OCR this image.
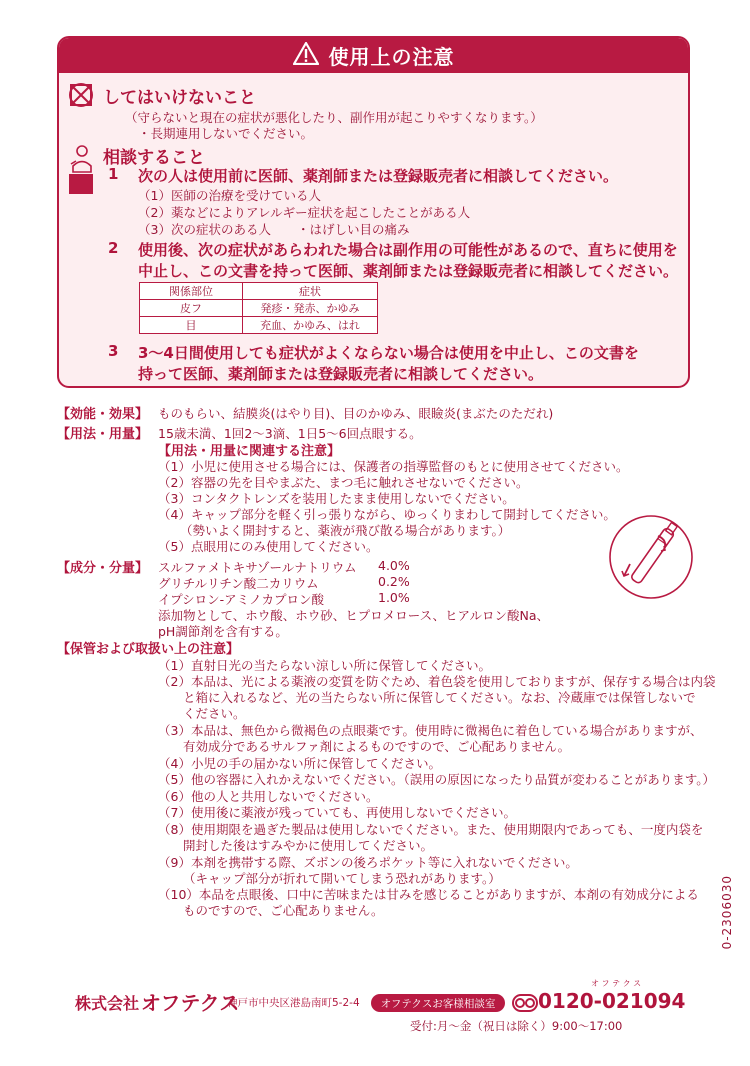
使用上の注意
してはいけないこと
（守らないと現在の症状が悪化したり、副作用が起こりやすくなります。）
・長期連用しないでください。
相談すること
1 次の人は使用前に医師、薬剤師または登録販売者に相談してください。
（1）医師の治療を受けている人
（2）薬などによりアレルギー症状を起こしたことがある人
（3）次の症状のある人 ・はげしい目の痛み
2 使用後、次の症状があらわれた場合は副作用の可能性があるので、直ちに使用を
中止し、この文書を持って医師、薬剤師または登録販売者に相談してください。
関係部位	症状
皮フ	発疹・発赤、かゆみ
目	充血、かゆみ、はれ
3 3～4日間使用しても症状がよくならない場合は使用を中止し、この文書を
持って医師、薬剤師または登録販売者に相談してください。
【効能・効果】 ものもらい、結膜炎(はやり目)、目のかゆみ、眼瞼炎(まぶたのただれ)
【用法・用量】 15歳未満、1回2～3滴、1日5～6回点眼する。
【用法・用量に関連する注意】
（1）小児に使用させる場合には、保護者の指導監督のもとに使用させてください。
（2）容器の先を目やまぶた、まつ毛に触れさせないでください。
（3）コンタクトレンズを装用したまま使用しないでください。
（4）キャップ部分を軽く引っ張りながら、ゆっくりまわして開封してください。
（勢いよく開封すると、薬液が飛び散る場合があります。）
（5）点眼用にのみ使用してください。
【成分・分量】 スルファメトキサゾールナトリウム 4.0%
グリチルリチン酸二カリウム	0.2%
イプシロン-アミノカプロン酸	1.0%
添加物として、ホウ酸、ホウ砂、ヒプロメロース、ヒアルロン酸Na、
pH調節剤を含有する。
【保管および取扱い上の注意】
（1）直射日光の当たらない涼しい所に保管してください。
（2）本品は、光による薬液の変質を防ぐため、着色袋を使用しておりますが、保存する場合は内袋
と箱に入れるなど、光の当たらない所に保管してください。なお、冷蔵庫では保管しないで
ください。
（3）本品は、無色から微褐色の点眼薬です。使用時に微褐色に着色している場合がありますが、
有効成分であるサルファ剤によるものですので、ご心配ありません。
（4）小児の手の届かない所に保管してください。
（5）他の容器に入れかえないでください。（誤用の原因になったり品質が変わることがあります。）
（6）他の人と共用しないでください。
（7）使用後に薬液が残っていても、再使用しないでください。
（8）使用期限を過ぎた製品は使用しないでください。また、使用期限内であっても、一度内袋を
開封した後はすみやかに使用してください。
（9）本剤を携帯する際、ズボンの後ろポケット等に入れないでください。
（キャップ部分が折れて開いてしまう恐れがあります。）
（10）本品を点眼後、口中に苦味または甘みを感じることがありますが、本剤の有効成分による
ものですので、ご心配ありません。	0-2306030
株式会社 オフテクス
神戸市中央区港島南町5-2-4	オフテクスお客様相談室
オ フ テ ク ス
0120-021094
受付:月～金（祝日は除く）9:00～17:00
